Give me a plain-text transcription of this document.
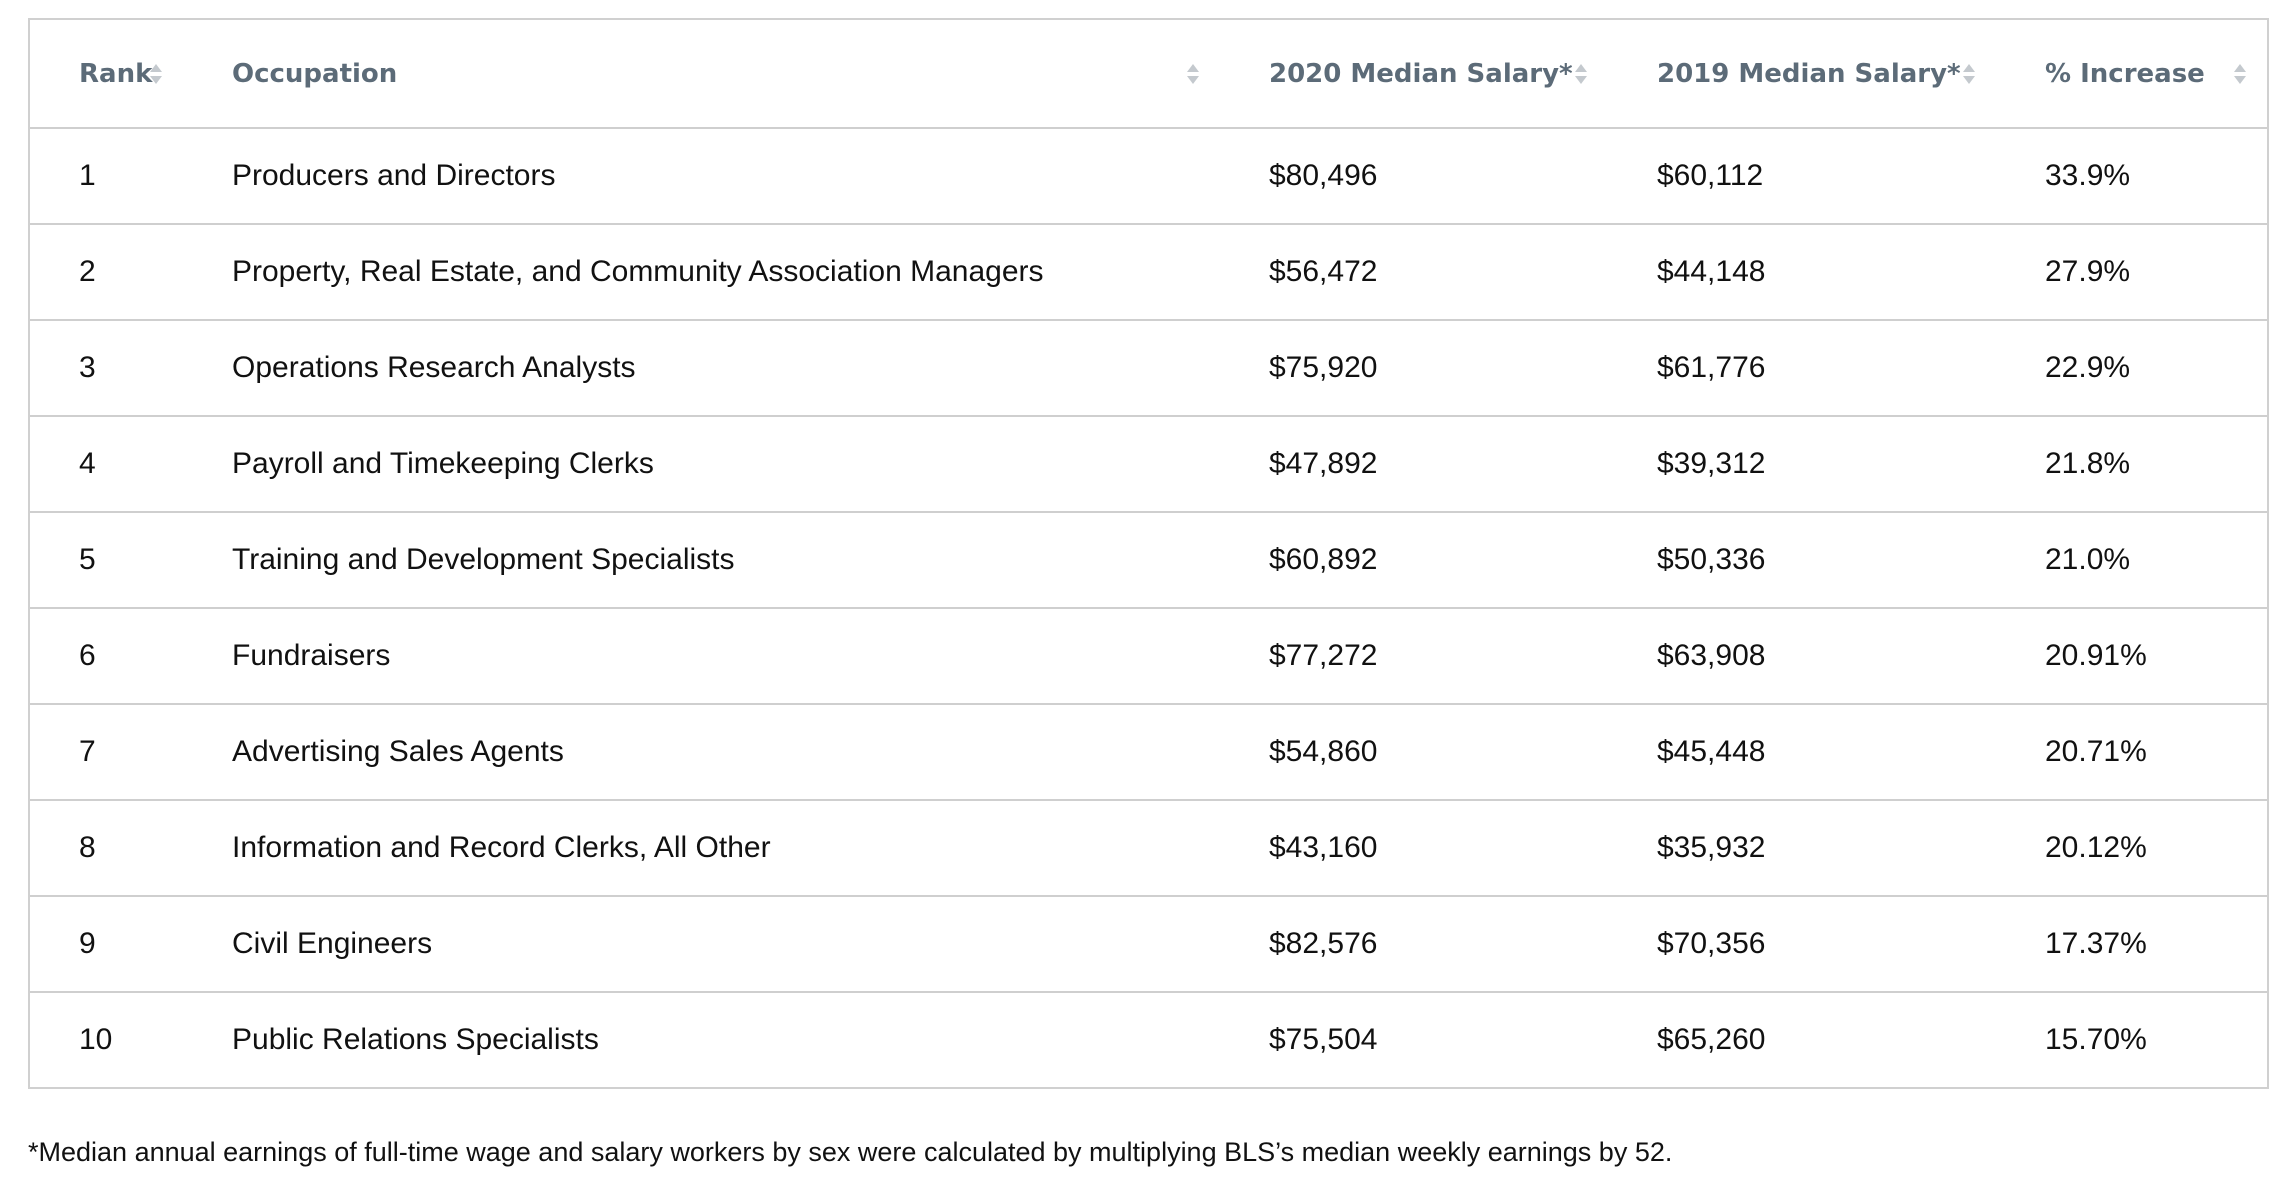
Rank	Occupation	2020 Median Salary*	2019 Median Salary*	% Increase

1	Producers and Directors	$80,496	$60,112	33.9%
2	Property, Real Estate, and Community Association Managers	$56,472	$44,148	27.9%
3	Operations Research Analysts	$75,920	$61,776	22.9%
4	Payroll and Timekeeping Clerks	$47,892	$39,312	21.8%
5	Training and Development Specialists	$60,892	$50,336	21.0%
6	Fundraisers	$77,272	$63,908	20.91%
7	Advertising Sales Agents	$54,860	$45,448	20.71%
8	Information and Record Clerks, All Other	$43,160	$35,932	20.12%
9	Civil Engineers	$82,576	$70,356	17.37%
10	Public Relations Specialists	$75,504	$65,260	15.70%
*Median annual earnings of full-time wage and salary workers by sex were calculated by multiplying BLS’s median weekly earnings by 52.
